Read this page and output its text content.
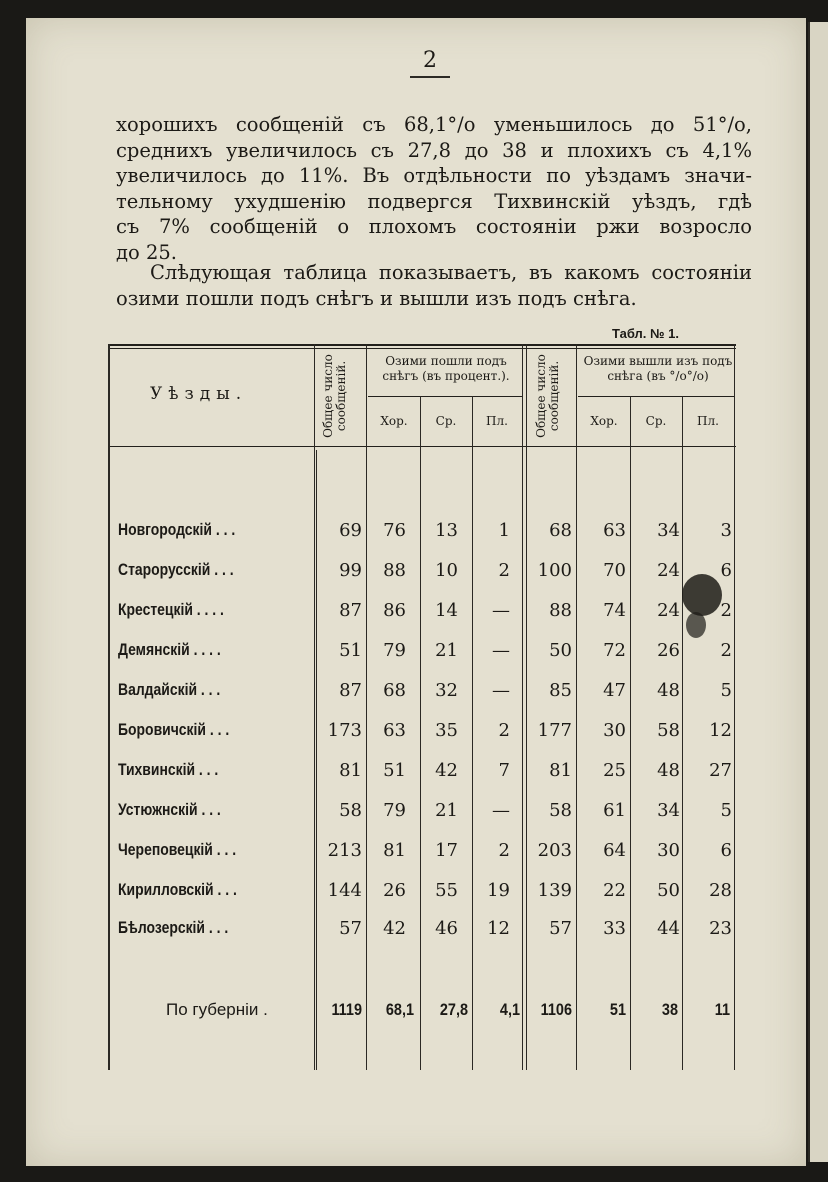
2
хорошихъ сообщеній съ 68,1°/o уменьшилось до 51°/o,
среднихъ увеличилось съ 27,8 до 38 и плохихъ съ 4,1%
увеличилось до 11%. Въ отдѣльности по уѣздамъ значи-
тельному ухудшенію подвергся Тихвинскій уѣздъ, гдѣ
съ 7% сообщеній о плохомъ состояніи ржи возросло
до 25.
Слѣдующая таблица показываетъ, въ какомъ состояніи
озими пошли подъ снѣгъ и вышли изъ подъ снѣга.
Табл. № 1.
Уѣзды.	Общее число сообщеній.	Озими пошли подъ снѣгъ (въ процент.).	Общее число сообщеній.	Озими вышли изъ подъ снѣга (въ °/o°/o)
Хор.	Ср.	Пл.	Хор.	Ср.	Пл.
Новгородскій . . .	69	76	13	1	68	63	34	3
Старорусскій . . .	99	88	10	2	100	70	24	6
Крестецкій . . . .	87	86	14	—	88	74	24	2
Демянскій . . . .	51	79	21	—	50	72	26	2
Валдайскій . . .	87	68	32	—	85	47	48	5
Боровичскій . . .	173	63	35	2	177	30	58	12
Тихвинскій . . .	81	51	42	7	81	25	48	27
Устюжнскій . . .	58	79	21	—	58	61	34	5
Череповецкій . . .	213	81	17	2	203	64	30	6
Кирилловскій . . .	144	26	55	19	139	22	50	28
Бѣлозерскій . . .	57	42	46	12	57	33	44	23
По губерніи .	1119	68,1	27,8	4,1	1106	51	38	11
